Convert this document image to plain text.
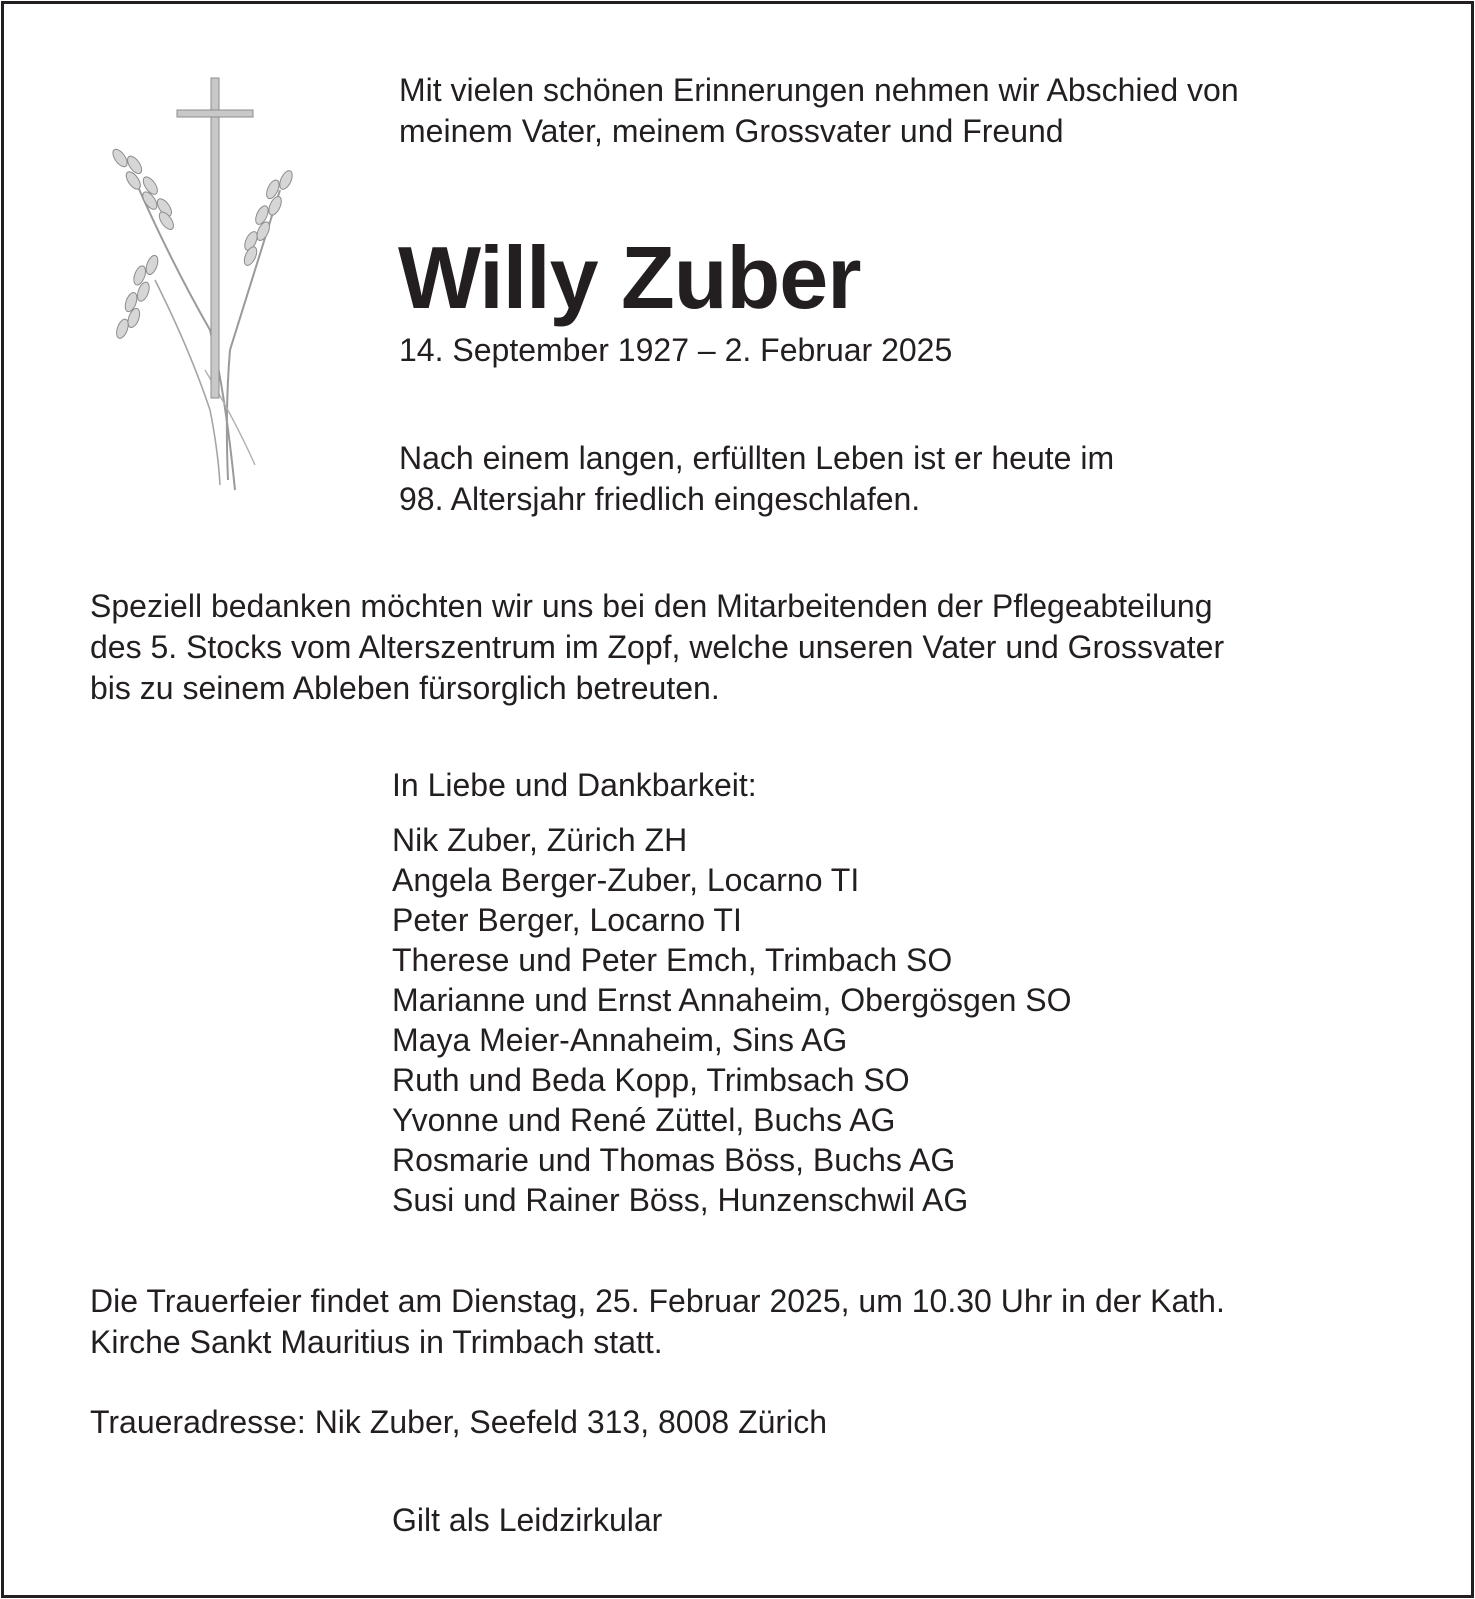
Mit vielen schönen Erinnerungen nehmen wir Abschied von
meinem Vater, meinem Grossvater und Freund
Willy Zuber
14. September 1927 – 2. Februar 2025
Nach einem langen, erfüllten Leben ist er heute im
98. Altersjahr friedlich eingeschlafen.
Speziell bedanken möchten wir uns bei den Mitarbeitenden der Pflegeabteilung
des 5. Stocks vom Alterszentrum im Zopf, welche unseren Vater und Grossvater
bis zu seinem Ableben fürsorglich betreuten.
In Liebe und Dankbarkeit:
Nik Zuber, Zürich ZH
Angela Berger-Zuber, Locarno TI
Peter Berger, Locarno TI
Therese und Peter Emch, Trimbach SO
Marianne und Ernst Annaheim, Obergösgen SO
Maya Meier-Annaheim, Sins AG
Ruth und Beda Kopp, Trimbsach SO
Yvonne und René Züttel, Buchs AG
Rosmarie und Thomas Böss, Buchs AG
Susi und Rainer Böss, Hunzenschwil AG
Die Trauerfeier findet am Dienstag, 25. Februar 2025, um 10.30 Uhr in der Kath.
Kirche Sankt Mauritius in Trimbach statt.
Traueradresse: Nik Zuber, Seefeld 313, 8008 Zürich
Gilt als Leidzirkular
